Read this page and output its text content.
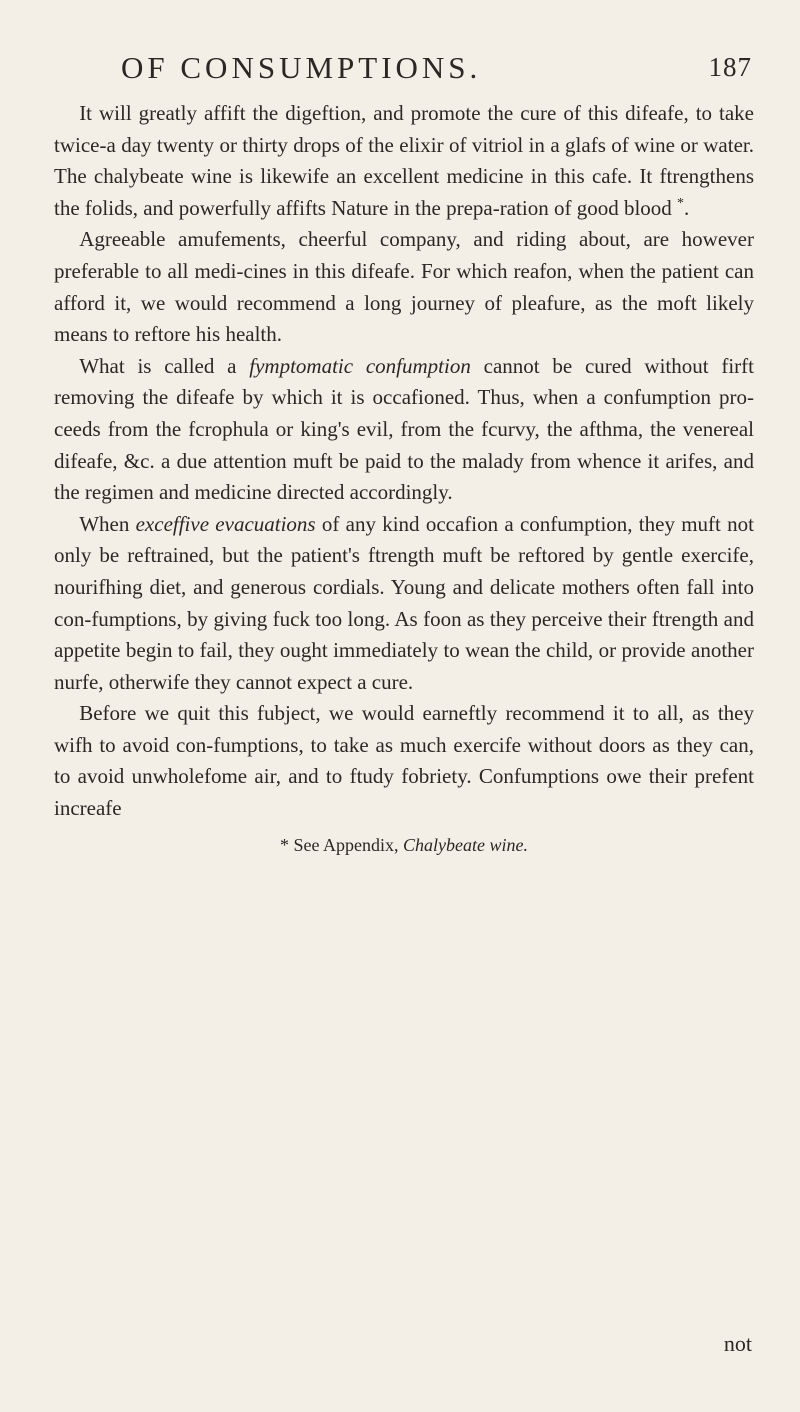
OF CONSUMPTIONS.	187

It will greatly affift the digeftion, and promote the cure of this difeafe, to take twice-a day twenty or thirty drops of the elixir of vitriol in a glafs of wine or water. The chalybeate wine is likewife an excellent medicine in this cafe. It ftrengthens the folids, and powerfully affifts Nature in the prepa-ration of good blood *.

Agreeable amufements, cheerful company, and riding about, are however preferable to all medi-cines in this difeafe. For which reafon, when the patient can afford it, we would recommend a long journey of pleafure, as the moft likely means to reftore his health.

What is called a fymptomatic confumption cannot be cured without firft removing the difeafe by which it is occafioned. Thus, when a confumption pro-ceeds from the fcrophula or king's evil, from the fcurvy, the afthma, the venereal difeafe, &c. a due attention muft be paid to the malady from whence it arifes, and the regimen and medicine directed accordingly.

When exceffive evacuations of any kind occafion a confumption, they muft not only be reftrained, but the patient's ftrength muft be reftored by gentle exercife, nourifhing diet, and generous cordials. Young and delicate mothers often fall into con-fumptions, by giving fuck too long. As foon as they perceive their ftrength and appetite begin to fail, they ought immediately to wean the child, or provide another nurfe, otherwife they cannot expect a cure.

Before we quit this fubject, we would earneftly recommend it to all, as they wifh to avoid con-fumptions, to take as much exercife without doors as they can, to avoid unwholefome air, and to ftudy fobriety. Confumptions owe their prefent increafe

* See Appendix, Chalybeate wine.
not
